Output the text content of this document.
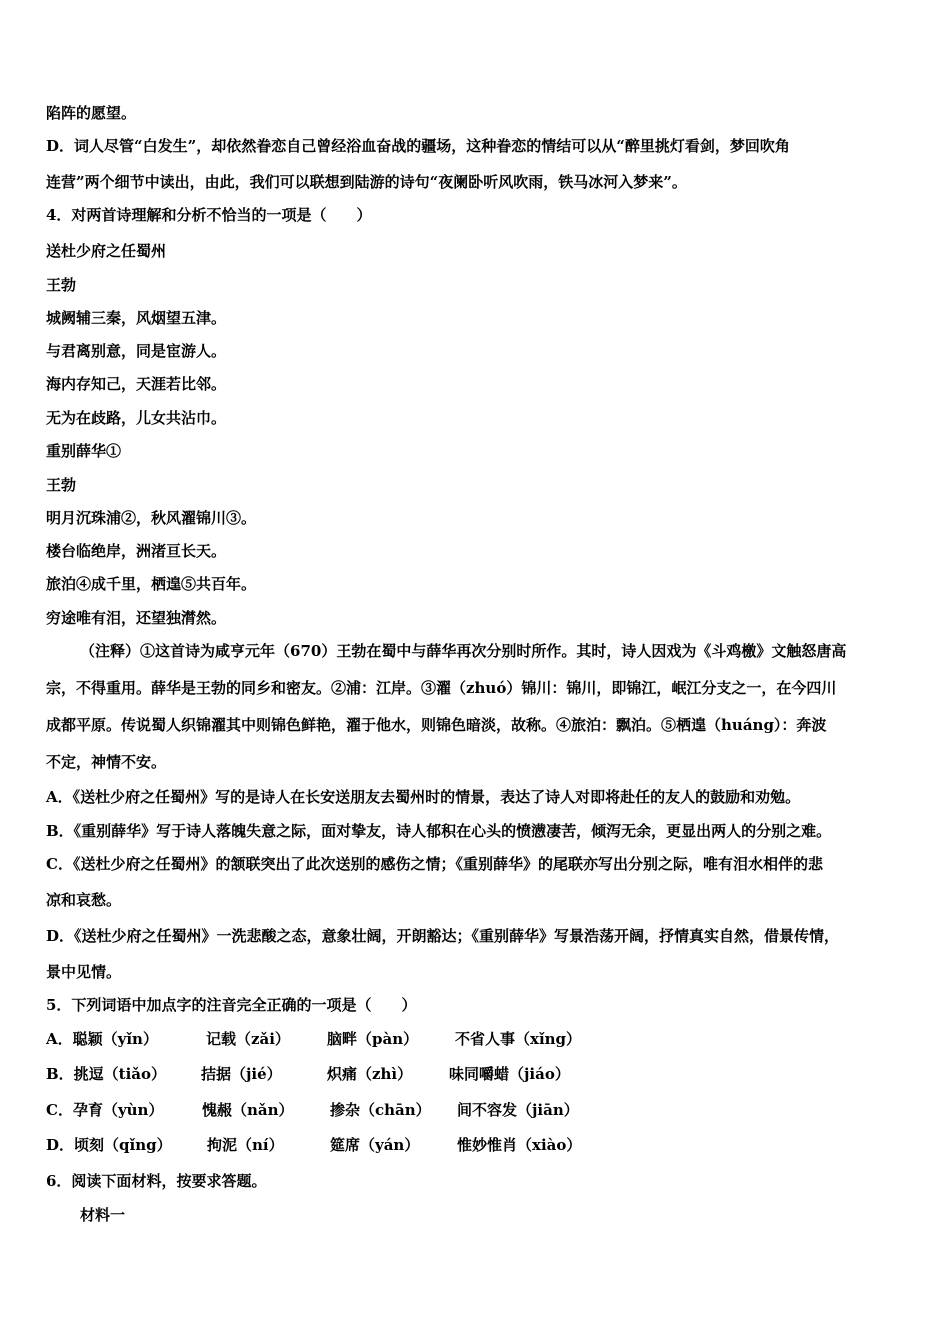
陷阵的愿望。
D．词人尽管“白发生”，却依然眷恋自己曾经浴血奋战的疆场，这种眷恋的情结可以从“醉里挑灯看剑，梦回吹角
连营”两个细节中读出，由此，我们可以联想到陆游的诗句“夜阑卧听风吹雨，铁马冰河入梦来”。
4．对两首诗理解和分析不恰当的一项是（　　）
送杜少府之任蜀州
王勃
城阙辅三秦，风烟望五津。
与君离别意，同是宦游人。
海内存知己，天涯若比邻。
无为在歧路，儿女共沾巾。
重别薛华①
王勃
明月沉珠浦②，秋风濯锦川③。
楼台临绝岸，洲渚亘长天。
旅泊④成千里，栖遑⑤共百年。
穷途唯有泪，还望独潸然。
（注释）①这首诗为咸亨元年（670）王勃在蜀中与薛华再次分别时所作。其时，诗人因戏为《斗鸡檄》文触怒唐高
宗，不得重用。薛华是王勃的同乡和密友。②浦：江岸。③濯（zhuó）锦川：锦川，即锦江，岷江分支之一，在今四川
成都平原。传说蜀人织锦濯其中则锦色鲜艳，濯于他水，则锦色暗淡，故称。④旅泊：飘泊。⑤栖遑（huáng）：奔波
不定，神情不安。
A．《送杜少府之任蜀州》写的是诗人在长安送朋友去蜀州时的情景，表达了诗人对即将赴任的友人的鼓励和劝勉。
B．《重别薛华》写于诗人落魄失意之际，面对挚友，诗人郁积在心头的愤懑凄苦，倾泻无余，更显出两人的分别之难。
C．《送杜少府之任蜀州》的颔联突出了此次送别的感伤之情；《重别薛华》的尾联亦写出分别之际，唯有泪水相伴的悲
凉和哀愁。
D．《送杜少府之任蜀州》一洗悲酸之态，意象壮阔，开朗豁达；《重别薛华》写景浩荡开阔，抒情真实自然，借景传情，
景中见情。
5．下列词语中加点字的注音完全正确的一项是（　　）
A．聪颖（yǐn）	记载（zǎi） 脑畔（pàn） 不省人事（xǐng）
B．挑逗（tiǎo） 拮据（jié）	炽痛（zhì） 味同嚼蜡（jiáo）
C．孕育（yùn）	愧赧（nǎn） 掺杂（chān） 间不容发（jiān）
D．顷刻（qǐng） 拘泥（ní）	筵席（yán）	惟妙惟肖（xiào）
6．阅读下面材料，按要求答题。
材料一
